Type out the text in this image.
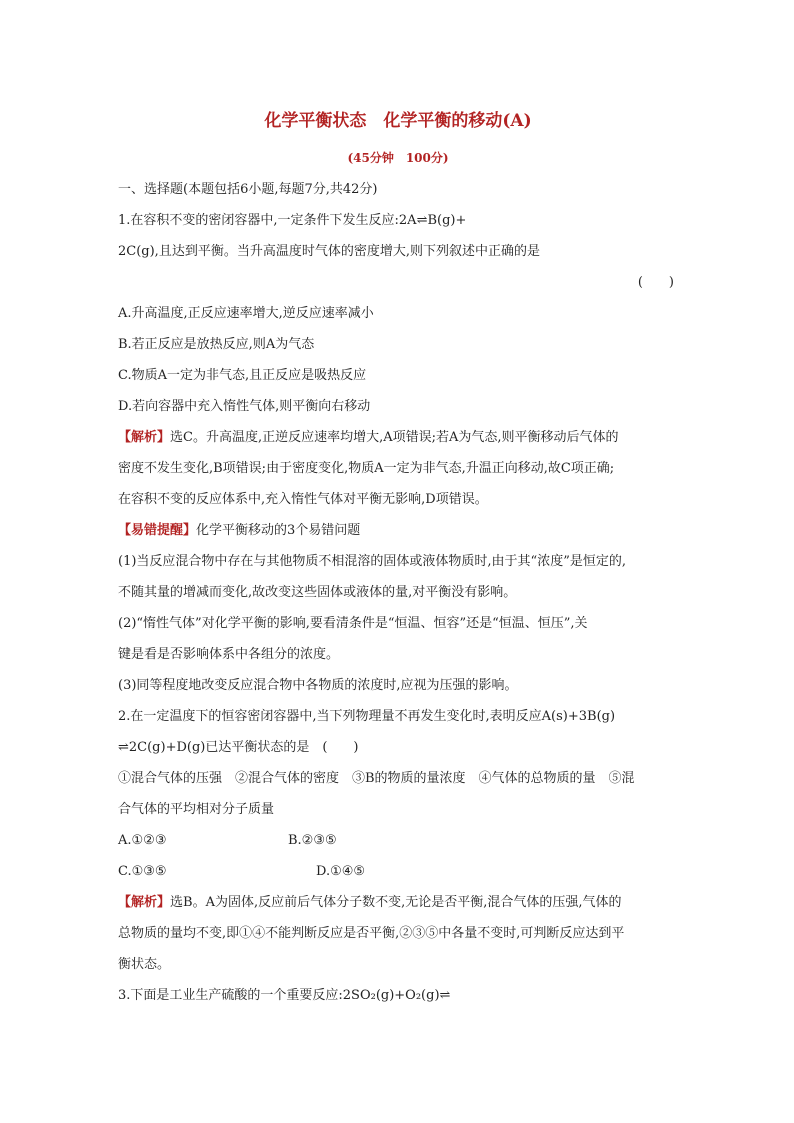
化学平衡状态　化学平衡的移动(A)
(45分钟　100分)
一、选择题(本题包括6小题,每题7分,共42分)
1.在容积不变的密闭容器中,一定条件下发生反应:2A⇌B(g)+
2C(g),且达到平衡。当升高温度时气体的密度增大,则下列叙述中正确的是
(　　)
A.升高温度,正反应速率增大,逆反应速率减小
B.若正反应是放热反应,则A为气态
C.物质A一定为非气态,且正反应是吸热反应
D.若向容器中充入惰性气体,则平衡向右移动
【解析】选C。升高温度,正逆反应速率均增大,A项错误;若A为气态,则平衡移动后气体的
密度不发生变化,B项错误;由于密度变化,物质A一定为非气态,升温正向移动,故C项正确;
在容积不变的反应体系中,充入惰性气体对平衡无影响,D项错误。
【易错提醒】化学平衡移动的3个易错问题
(1)当反应混合物中存在与其他物质不相混溶的固体或液体物质时,由于其“浓度”是恒定的,
不随其量的增减而变化,故改变这些固体或液体的量,对平衡没有影响。
(2)“惰性气体”对化学平衡的影响,要看清条件是“恒温、恒容”还是“恒温、恒压”,关
键是看是否影响体系中各组分的浓度。
(3)同等程度地改变反应混合物中各物质的浓度时,应视为压强的影响。
2.在一定温度下的恒容密闭容器中,当下列物理量不再发生变化时,表明反应A(s)+3B(g)
⇌2C(g)+D(g)已达平衡状态的是　(　　)
①混合气体的压强　②混合气体的密度　③B的物质的量浓度　④气体的总物质的量　⑤混
合气体的平均相对分子质量
A.①②③	B.②③⑤
C.①③⑤	D.①④⑤
【解析】选B。A为固体,反应前后气体分子数不变,无论是否平衡,混合气体的压强,气体的
总物质的量均不变,即①④不能判断反应是否平衡,②③⑤中各量不变时,可判断反应达到平
衡状态。
3.下面是工业生产硫酸的一个重要反应:2SO₂(g)+O₂(g)⇌
